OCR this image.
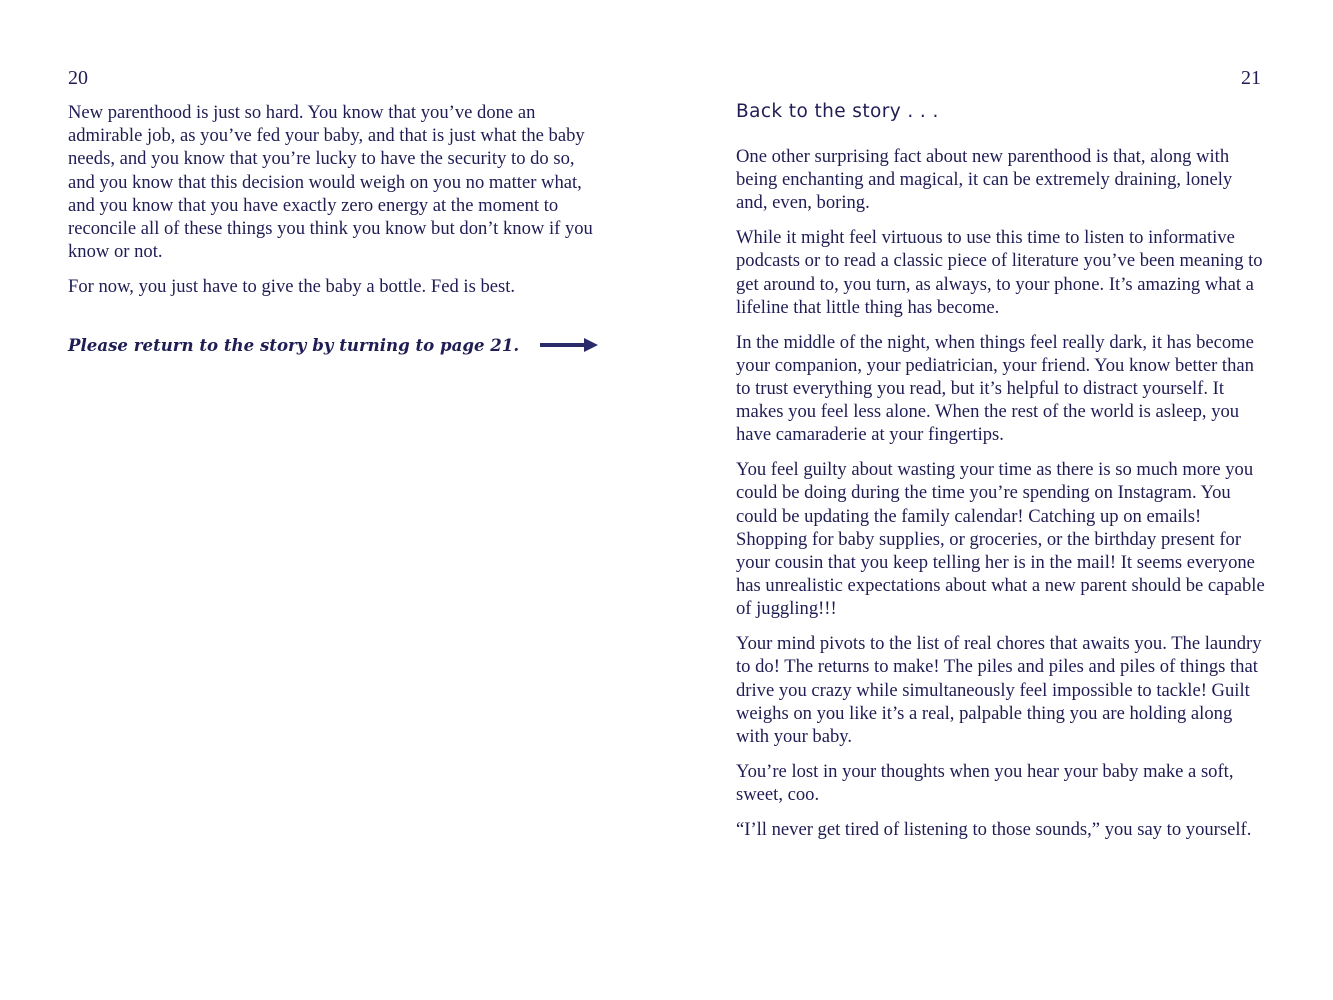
20

New parenthood is just so hard. You know that you’ve done an admirable job, as you’ve fed your baby, and that is just what the baby needs, and you know that you’re lucky to have the security to do so, and you know that this decision would weigh on you no matter what, and you know that you have exactly zero energy at the moment to reconcile all of these things you think you know but don’t know if you know or not.

For now, you just have to give the baby a bottle. Fed is best.

Please return to the story by turning to page 21.
21
Back to the story . . .

One other surprising fact about new parenthood is that, along with being enchanting and magical, it can be extremely draining, lonely and, even, boring.

While it might feel virtuous to use this time to listen to informative podcasts or to read a classic piece of literature you’ve been meaning to get around to, you turn, as always, to your phone. It’s amazing what a lifeline that little thing has become.

In the middle of the night, when things feel really dark, it has become your companion, your pediatrician, your friend. You know better than to trust everything you read, but it’s helpful to distract yourself. It makes you feel less alone. When the rest of the world is asleep, you have camaraderie at your fingertips.

You feel guilty about wasting your time as there is so much more you could be doing during the time you’re spending on Instagram. You could be updating the family calendar! Catching up on emails! Shopping for baby supplies, or groceries, or the birthday present for your cousin that you keep telling her is in the mail! It seems everyone has unrealistic expectations about what a new parent should be capable of juggling!!!

Your mind pivots to the list of real chores that awaits you. The laundry to do! The returns to make! The piles and piles and piles of things that drive you crazy while simultaneously feel impossible to tackle! Guilt weighs on you like it’s a real, palpable thing you are holding along with your baby.

You’re lost in your thoughts when you hear your baby make a soft, sweet, coo.

“I’ll never get tired of listening to those sounds,” you say to yourself.
